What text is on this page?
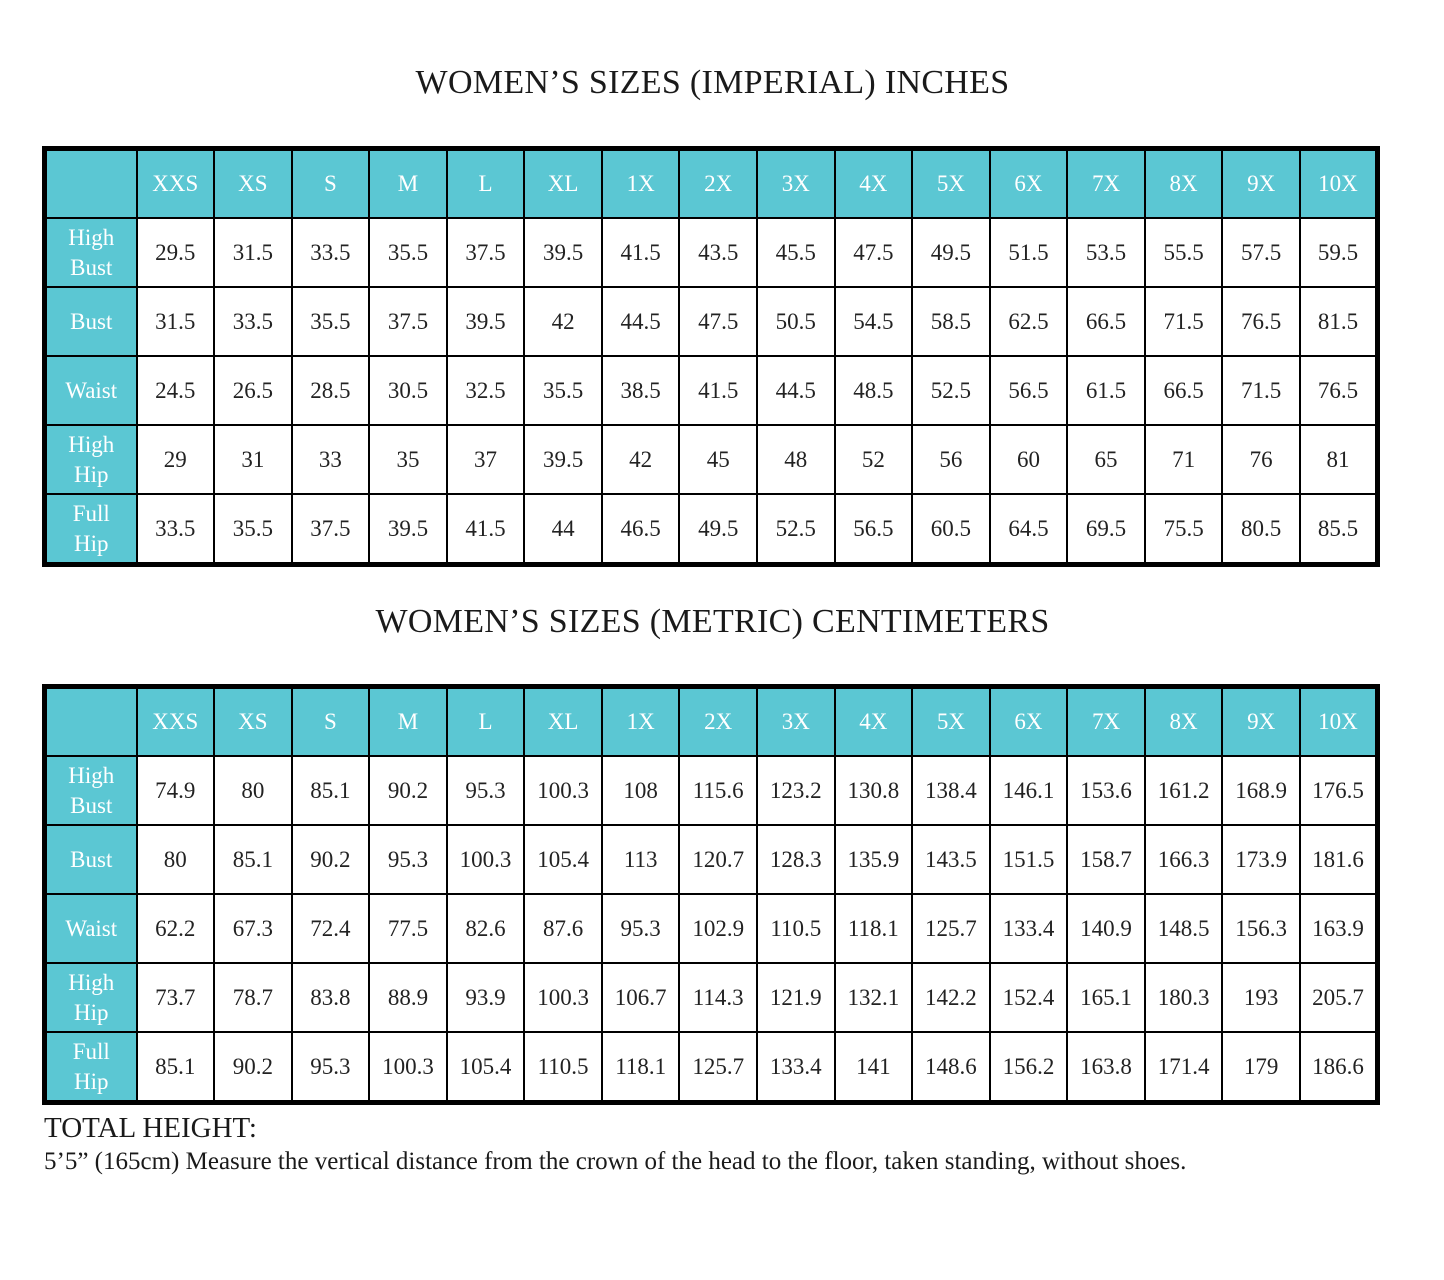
WOMEN’S SIZES (IMPERIAL) INCHES
	XXS	XS	S	M	L	XL	1X	2X	3X	4X	5X	6X	7X	8X	9X	10X

High
Bust	29.5	31.5	33.5	35.5	37.5	39.5	41.5	43.5	45.5	47.5	49.5	51.5	53.5	55.5	57.5	59.5

Bust	31.5	33.5	35.5	37.5	39.5	42	44.5	47.5	50.5	54.5	58.5	62.5	66.5	71.5	76.5	81.5

Waist	24.5	26.5	28.5	30.5	32.5	35.5	38.5	41.5	44.5	48.5	52.5	56.5	61.5	66.5	71.5	76.5

High
Hip	29	31	33	35	37	39.5	42	45	48	52	56	60	65	71	76	81

Full
Hip	33.5	35.5	37.5	39.5	41.5	44	46.5	49.5	52.5	56.5	60.5	64.5	69.5	75.5	80.5	85.5
WOMEN’S SIZES (METRIC) CENTIMETERS
	XXS	XS	S	M	L	XL	1X	2X	3X	4X	5X	6X	7X	8X	9X	10X

High
Bust	74.9	80	85.1	90.2	95.3	100.3	108	115.6	123.2	130.8	138.4	146.1	153.6	161.2	168.9	176.5

Bust	80	85.1	90.2	95.3	100.3	105.4	113	120.7	128.3	135.9	143.5	151.5	158.7	166.3	173.9	181.6

Waist	62.2	67.3	72.4	77.5	82.6	87.6	95.3	102.9	110.5	118.1	125.7	133.4	140.9	148.5	156.3	163.9

High
Hip	73.7	78.7	83.8	88.9	93.9	100.3	106.7	114.3	121.9	132.1	142.2	152.4	165.1	180.3	193	205.7

Full
Hip	85.1	90.2	95.3	100.3	105.4	110.5	118.1	125.7	133.4	141	148.6	156.2	163.8	171.4	179	186.6
TOTAL HEIGHT:
5’5” (165cm) Measure the vertical distance from the crown of the head to the floor, taken standing, without shoes.
